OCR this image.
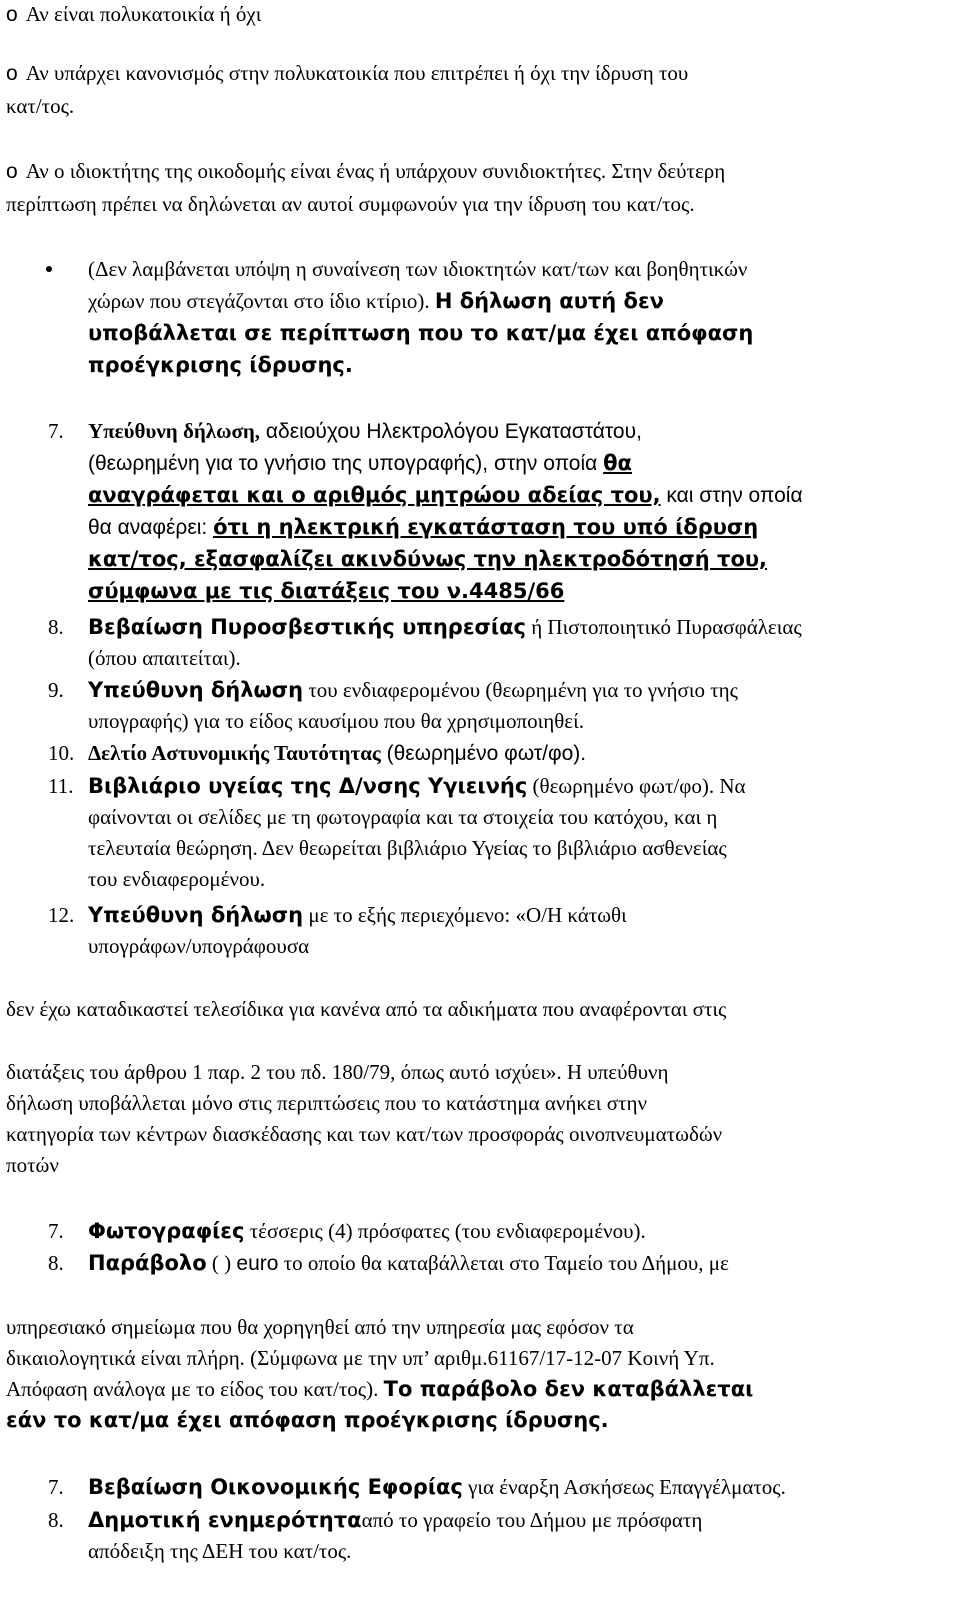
o Αν είναι πολυκατοικία ή όχι
o Αν υπάρχει κανονισμός στην πολυκατοικία που επιτρέπει ή όχι την ίδρυση του
κατ/τος.
o Αν ο ιδιοκτήτης της οικοδομής είναι ένας ή υπάρχουν συνιδιοκτήτες. Στην δεύτερη
περίπτωση πρέπει να δηλώνεται αν αυτοί συμφωνούν για την ίδρυση του κατ/τος.
(Δεν λαμβάνεται υπόψη η συναίνεση των ιδιοκτητών κατ/των και βοηθητικών
χώρων που στεγάζονται στο ίδιο κτίριο). Η δήλωση αυτή δεν
υποβάλλεται σε περίπτωση που το κατ/μα έχει απόφαση
προέγκρισης ίδρυσης.
7. Υπεύθυνη δήλωση, αδειούχου Ηλεκτρολόγου Εγκαταστάτου,
(θεωρημένη για το γνήσιο της υπογραφής), στην οποία θα
αναγράφεται και ο αριθμός μητρώου αδείας του, και στην οποία
θα αναφέρει: ότι η ηλεκτρική εγκατάσταση του υπό ίδρυση
κατ/τος, εξασφαλίζει ακινδύνως την ηλεκτροδότησή του,
σύμφωνα με τις διατάξεις του ν.4485/66
8. Βεβαίωση Πυροσβεστικής υπηρεσίας ή Πιστοποιητικό Πυρασφάλειας
(όπου απαιτείται).
9. Υπεύθυνη δήλωση του ενδιαφερομένου (θεωρημένη για το γνήσιο της
υπογραφής) για το είδος καυσίμου που θα χρησιμοποιηθεί.
10. Δελτίο Αστυνομικής Ταυτότητας (θεωρημένο φωτ/φο).
11. Βιβλιάριο υγείας της Δ/νσης Υγιεινής (θεωρημένο φωτ/φο). Να
φαίνονται οι σελίδες με τη φωτογραφία και τα στοιχεία του κατόχου, και η
τελευταία θεώρηση. Δεν θεωρείται βιβλιάριο Υγείας το βιβλιάριο ασθενείας
του ενδιαφερομένου.
12. Υπεύθυνη δήλωση με το εξής περιεχόμενο: «Ο/Η κάτωθι
υπογράφων/υπογράφουσα
δεν έχω καταδικαστεί τελεσίδικα για κανένα από τα αδικήματα που αναφέρονται στις
διατάξεις του άρθρου 1 παρ. 2 του πδ. 180/79, όπως αυτό ισχύει». Η υπεύθυνη
δήλωση υποβάλλεται μόνο στις περιπτώσεις που το κατάστημα ανήκει στην
κατηγορία των κέντρων διασκέδασης και των κατ/των προσφοράς οινοπνευματωδών
ποτών
7. Φωτογραφίες τέσσερις (4) πρόσφατες (του ενδιαφερομένου).
8. Παράβολο ( ) euro το οποίο θα καταβάλλεται στο Ταμείο του Δήμου, με
υπηρεσιακό σημείωμα που θα χορηγηθεί από την υπηρεσία μας εφόσον τα
δικαιολογητικά είναι πλήρη. (Σύμφωνα με την υπ’ αριθμ.61167/17-12-07 Κοινή Υπ.
Απόφαση ανάλογα με το είδος του κατ/τος). Το παράβολο δεν καταβάλλεται
εάν το κατ/μα έχει απόφαση προέγκρισης ίδρυσης.
7. Βεβαίωση Οικονομικής Εφορίας για έναρξη Ασκήσεως Επαγγέλματος.
8. Δημοτική ενημερότητααπό το γραφείο του Δήμου με πρόσφατη
απόδειξη της ΔΕΗ του κατ/τος.
